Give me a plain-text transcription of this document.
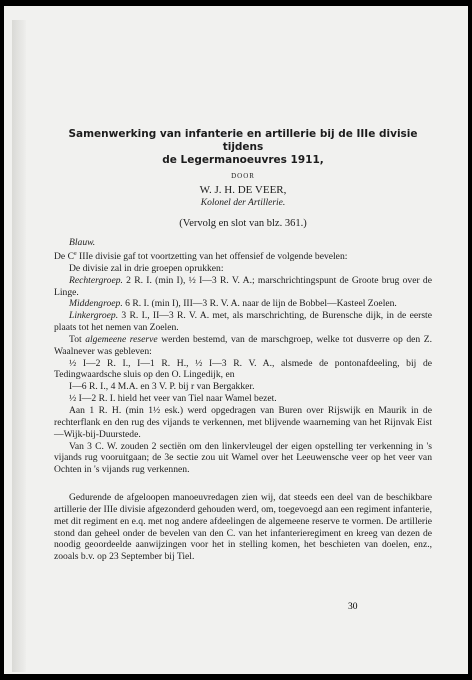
Samenwerking van infanterie en artillerie bij de IIIe divisie tijdens
de Legermanoeuvres 1911,
DOOR
W. J. H. DE VEER,
Kolonel der Artillerie.
(Vervolg en slot van blz. 361.)

Blauw.

De Ce IIIe divisie gaf tot voortzetting van het offensief de volgende bevelen:

De divisie zal in drie groepen oprukken:

Rechtergroep. 2 R. I. (min I), ½ I—3 R. V. A.; marschrichtingspunt de Groote brug over de Linge.

Middengroep. 6 R. I. (min I), III—3 R. V. A. naar de lijn de Bobbel—Kasteel Zoelen.

Linkergroep. 3 R. I., II—3 R. V. A. met, als marschrichting, de Burensche dijk, in de eerste plaats tot het nemen van Zoelen.

Tot algemeene reserve werden bestemd, van de marschgroep, welke tot dusverre op den Z. Waalnever was gebleven:

½ I—2 R. I., I—1 R. H., ½ I—3 R. V. A., alsmede de pontonafdeeling, bij de Tedingwaardsche sluis op den O. Lingedijk, en

I—6 R. I., 4 M.A. en 3 V. P. bij r van Bergakker.

½ I—2 R. I. hield het veer van Tiel naar Wamel bezet.

Aan 1 R. H. (min 1½ esk.) werd opgedragen van Buren over Rijswijk en Maurik in de rechterflank en den rug des vijands te verkennen, met blijvende waarneming van het Rijnvak Eist—Wijk-bij-Duurstede.

Van 3 C. W. zouden 2 sectiën om den linkervleugel der eigen opstelling ter verkenning in 's vijands rug vooruitgaan; de 3e sectie zou uit Wamel over het Leeuwensche veer op het veer van Ochten in 's vijands rug verkennen.

Gedurende de afgeloopen manoeuvredagen zien wij, dat steeds een deel van de beschikbare artillerie der IIIe divisie afgezonderd gehouden werd, om, toegevoegd aan een regiment infanterie, met dit regiment en e.q. met nog andere afdeelingen de algemeene reserve te vormen. De artillerie stond dan geheel onder de bevelen van den C. van het infanterieregiment en kreeg van dezen de noodig geoordeelde aanwijzingen voor het in stelling komen, het beschieten van doelen, enz., zooals b.v. op 23 September bij Tiel.

30
